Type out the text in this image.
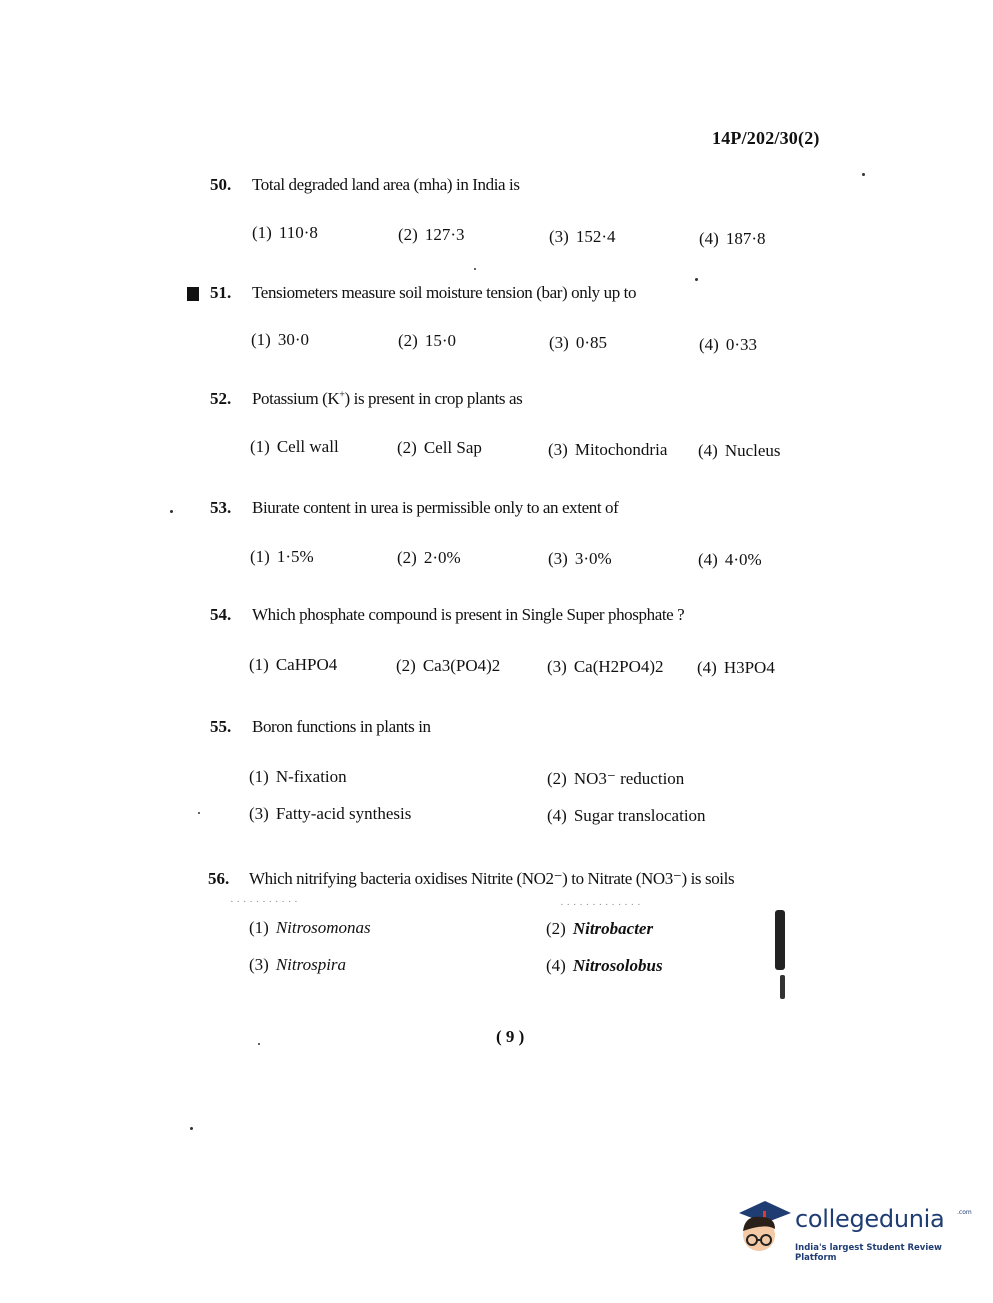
14P/202/30(2)
50. Total degraded land area (mha) in India is
(1) 110·8	(2) 127·3	(3) 152·4	(4) 187·8
51. Tensiometers measure soil moisture tension (bar) only up to
(1) 30·0	(2) 15·0	(3) 0·85	(4) 0·33
52. Potassium (K+) is present in crop plants as
(1) Cell wall	(2) Cell Sap	(3) Mitochondria (4) Nucleus
53. Biurate content in urea is permissible only to an extent of
(1) 1·5%	(2) 2·0%	(3) 3·0%	(4) 4·0%
54. Which phosphate compound is present in Single Super phosphate ?
(1) CaHPO4	(2) Ca3(PO4)2	(3) Ca(H2PO4)2 (4) H3PO4
55. Boron functions in plants in
(1) N-fixation	(2) NO3⁻ reduction
(3) Fatty-acid synthesis	(4) Sugar translocation
56. Which nitrifying bacteria oxidises Nitrite (NO2⁻) to Nitrate (NO3⁻) is soils
· · · · · · · · · · ·	· · · · · · · · · · · · ·
(1) Nitrosomonas	(2) Nitrobacter
(3) Nitrospira	(4) Nitrosolobus
( 9 )
collegedunia .com
India's largest Student Review Platform
